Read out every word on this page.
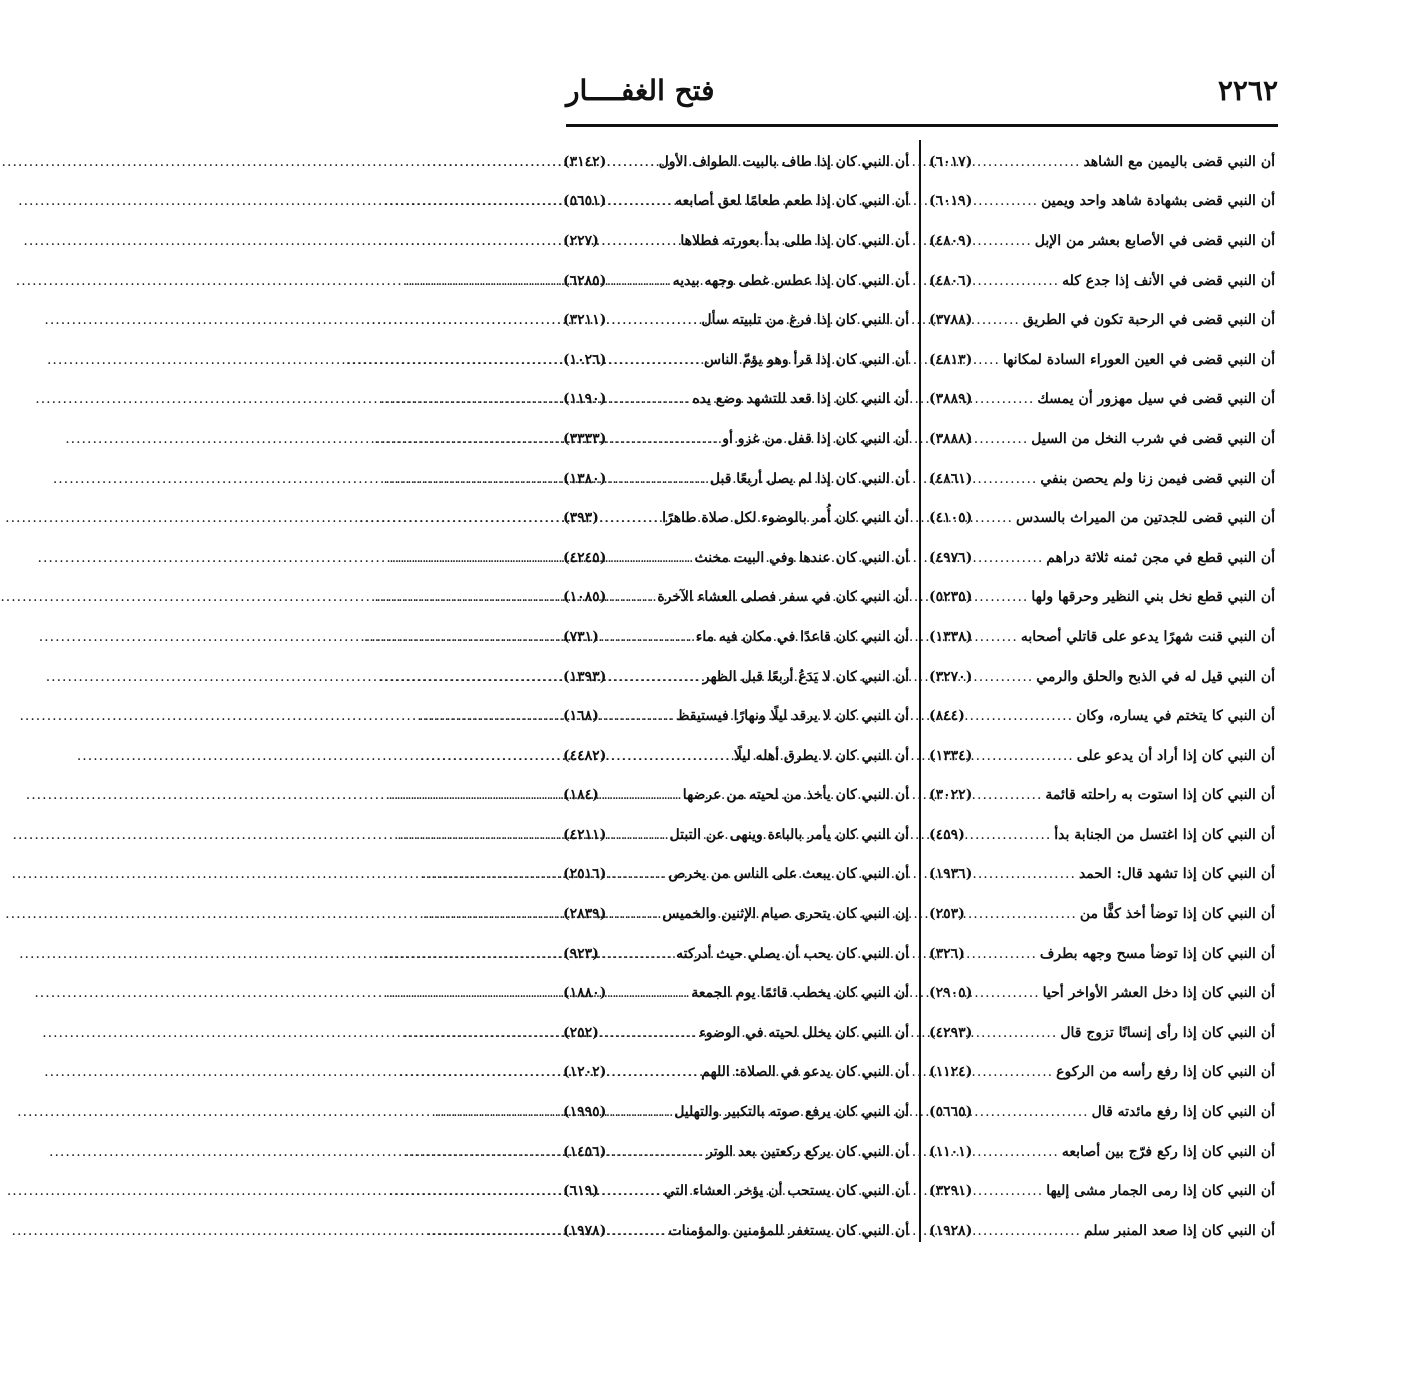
فتح الغفــــار	٢٢٦٢
أن النبي قضى باليمين مع الشاهد
.....
(٦٠١٧)
أن النبي قضى بشهادة شاهد واحد ويمين
.....
(٦٠١٩)
أن النبي قضى في الأصابع بعشر من الإبل
.....
(٤٨٠٩)
أن النبي قضى في الأنف إذا جدع كله
.....
(٤٨٠٦)
أن النبي قضى في الرحبة تكون في الطريق
.....
(٣٧٨٨)
أن النبي قضى في العين العوراء السادة لمكانها
.....
(٤٨١٣)
أن النبي قضى في سيل مهزور أن يمسك
.....
(٣٨٨٩)
أن النبي قضى في شرب النخل من السيل
.....
(٣٨٨٨)
أن النبي قضى فيمن زنا ولم يحصن بنفي
.....
(٤٨٦١)
أن النبي قضى للجدتين من الميراث بالسدس
.....
(٤١٠٥)
أن النبي قطع في مجن ثمنه ثلاثة دراهم
.....
(٤٩٧٦)
أن النبي قطع نخل بني النظير وحرقها ولها
.....
(٥٢٣٥)
أن النبي قنت شهرًا يدعو على قاتلي أصحابه
.....
(١٣٣٨)
أن النبي قيل له في الذبح والحلق والرمي
.....
(٣٢٧٠)
أن النبي كا يتختم في يساره، وكان
.....
(٨٤٤)
أن النبي كان إذا أراد أن يدعو على
.....
(١٣٣٤)
أن النبي كان إذا استوت به راحلته قائمة
.....
(٣٠٢٢)
أن النبي كان إذا اغتسل من الجنابة بدأ
.....
(٤٥٩)
أن النبي كان إذا تشهد قال: الحمد
.....
(١٩٣٦)
أن النبي كان إذا توضأ أخذ كفًّا من
.....
(٢٥٣)
أن النبي كان إذا توضأ مسح وجهه بطرف
.....
(٣٢٦)
أن النبي كان إذا دخل العشر الأواخر أحيا
.....
(٢٩٠٥)
أن النبي كان إذا رأى إنسانًا تزوج قال
.....
(٤٢٩٣)
أن النبي كان إذا رفع رأسه من الركوع
.....
(١١٢٤)
أن النبي كان إذا رفع مائدته قال
.....
(٥٦٦٥)
أن النبي كان إذا ركع فرّج بين أصابعه
.....
(١١٠١)
أن النبي كان إذا رمى الجمار مشى إليها
.....
(٣٢٩١)
أن النبي كان إذا صعد المنبر سلم
.....
(١٩٢٨)
أن النبي كان إذا طاف بالبيت الطواف الأول
.....
(٣١٤٢)
أن النبي كان إذا طعم طعامًا لعق أصابعه
.....
(٥٦٥١)
أن النبي كان إذا طلى بدأ بعورته فطلاها
.....
(٢٢٧)
أن النبي كان إذا عطس غطى وجهه بيديه
.....
(٦٢٨٥)
أن النبي كان إذا فرغ من تلبيته سأل
.....
(٣٢١١)
أن النبي كان إذا قرأ وهو يؤمّ الناس
.....
(١٠٢٦)
أن النبي كان إذا قعد للتشهد وضع يده
.....
(١١٩٠)
أن النبي كان إذا قفل من غزو أو
.....
(٣٣٣٣)
أن النبي كان إذا لم يصل أربعًا قبل
.....
(١٣٨٠)
أن النبي كان أُمر بالوضوء لكل صلاة طاهرًا
.....
(٣٩٣)
أن النبي كان عندها وفي البيت مخنث
.....
(٤٢٤٥)
أن النبي كان في سفر فصلى العشاء الآخرة
.....
(١٠٨٥)
أن النبي كان قاعدًا في مكان فيه ماء
.....
(٧٣١)
أن النبي كان لا يَدَعُ أربعًا قبل الظهر
.....
(١٣٩٣)
أن النبي كان لا يرقد ليلًا ونهارًا فيستيقظ
.....
(١٦٨)
أن النبي كان لا يطرق أهله ليلًا
.....
(٤٤٨٢)
أن النبي كان يأخذ من لحيته من عرضها
.....
(١٨٤)
أن النبي كان يأمر بالباءة وينهى عن التبتل
.....
(٤٢١١)
أن النبي كان يبعث على الناس من يخرص
.....
(٢٥١٦)
إن النبي كان يتحرى صيام الإثنين والخميس
.....
(٢٨٣٩)
أن النبي كان يحب أن يصلي حيث أدركته
.....
(٩٢٣)
أن النبي كان يخطب قائمًا يوم الجمعة
.....
(١٨٨٠)
أن النبي كان يخلل لحيته في الوضوء
.....
(٢٥٢)
أن النبي كان يدعو في الصلاة: اللهم
.....
(١٢٠٢)
أن النبي كان يرفع صوته بالتكبير والتهليل
.....
(١٩٩٥)
أن النبي كان يركع ركعتين بعد الوتر
.....
(١٤٥٦)
أن النبي كان يستحب أن يؤخر العشاء التي
.....
(٦١٩)
أن النبي كان يستغفر للمؤمنين والمؤمنات
.....
(١٩٧٨)
